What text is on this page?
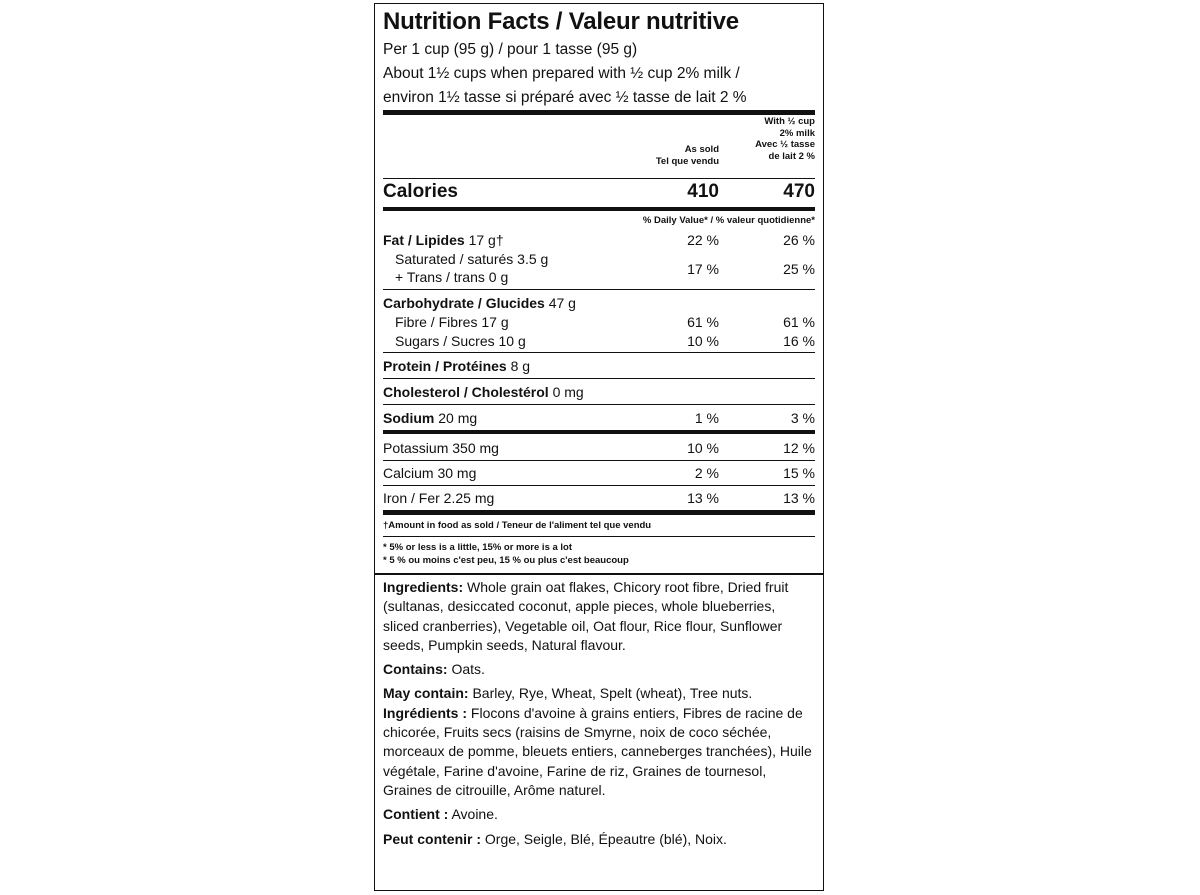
Nutrition Facts / Valeur nutritive
Per 1 cup (95 g) / pour 1 tasse (95 g)
About 1½ cups when prepared with ½ cup 2% milk /
environ 1½ tasse si préparé avec ½ tasse de lait 2 %
As sold
Tel que vendu
With ½ cup
2% milk
Avec ½ tasse
de lait 2 %
Calories	410	470
% Daily Value* / % valeur quotidienne*
Fat / Lipides 17 g†	22 %	26 %
Saturated / saturés 3.5 g
+ Trans / trans 0 g	17 %	25 %
Carbohydrate / Glucides 47 g
Fibre / Fibres 17 g	61 %	61 %
Sugars / Sucres 10 g	10 %	16 %
Protein / Protéines 8 g
Cholesterol / Cholestérol 0 mg
Sodium 20 mg	1 %	3 %
Potassium 350 mg	10 %	12 %
Calcium 30 mg	2 %	15 %
Iron / Fer 2.25 mg	13 %	13 %
†Amount in food as sold / Teneur de l'aliment tel que vendu
* 5% or less is a little, 15% or more is a lot
* 5 % ou moins c'est peu, 15 % ou plus c'est beaucoup

Ingredients: Whole grain oat flakes, Chicory root fibre, Dried fruit (sultanas, desiccated coconut, apple pieces, whole blueberries, sliced cranberries), Vegetable oil, Oat flour, Rice flour, Sunflower seeds, Pumpkin seeds, Natural flavour.

Contains: Oats.

May contain: Barley, Rye, Wheat, Spelt (wheat), Tree nuts.

Ingrédients : Flocons d'avoine à grains entiers, Fibres de racine de chicorée, Fruits secs (raisins de Smyrne, noix de coco séchée, morceaux de pomme, bleuets entiers, canneberges tranchées), Huile végétale, Farine d'avoine, Farine de riz, Graines de tournesol, Graines de citrouille, Arôme naturel.

Contient : Avoine.

Peut contenir : Orge, Seigle, Blé, Épeautre (blé), Noix.
